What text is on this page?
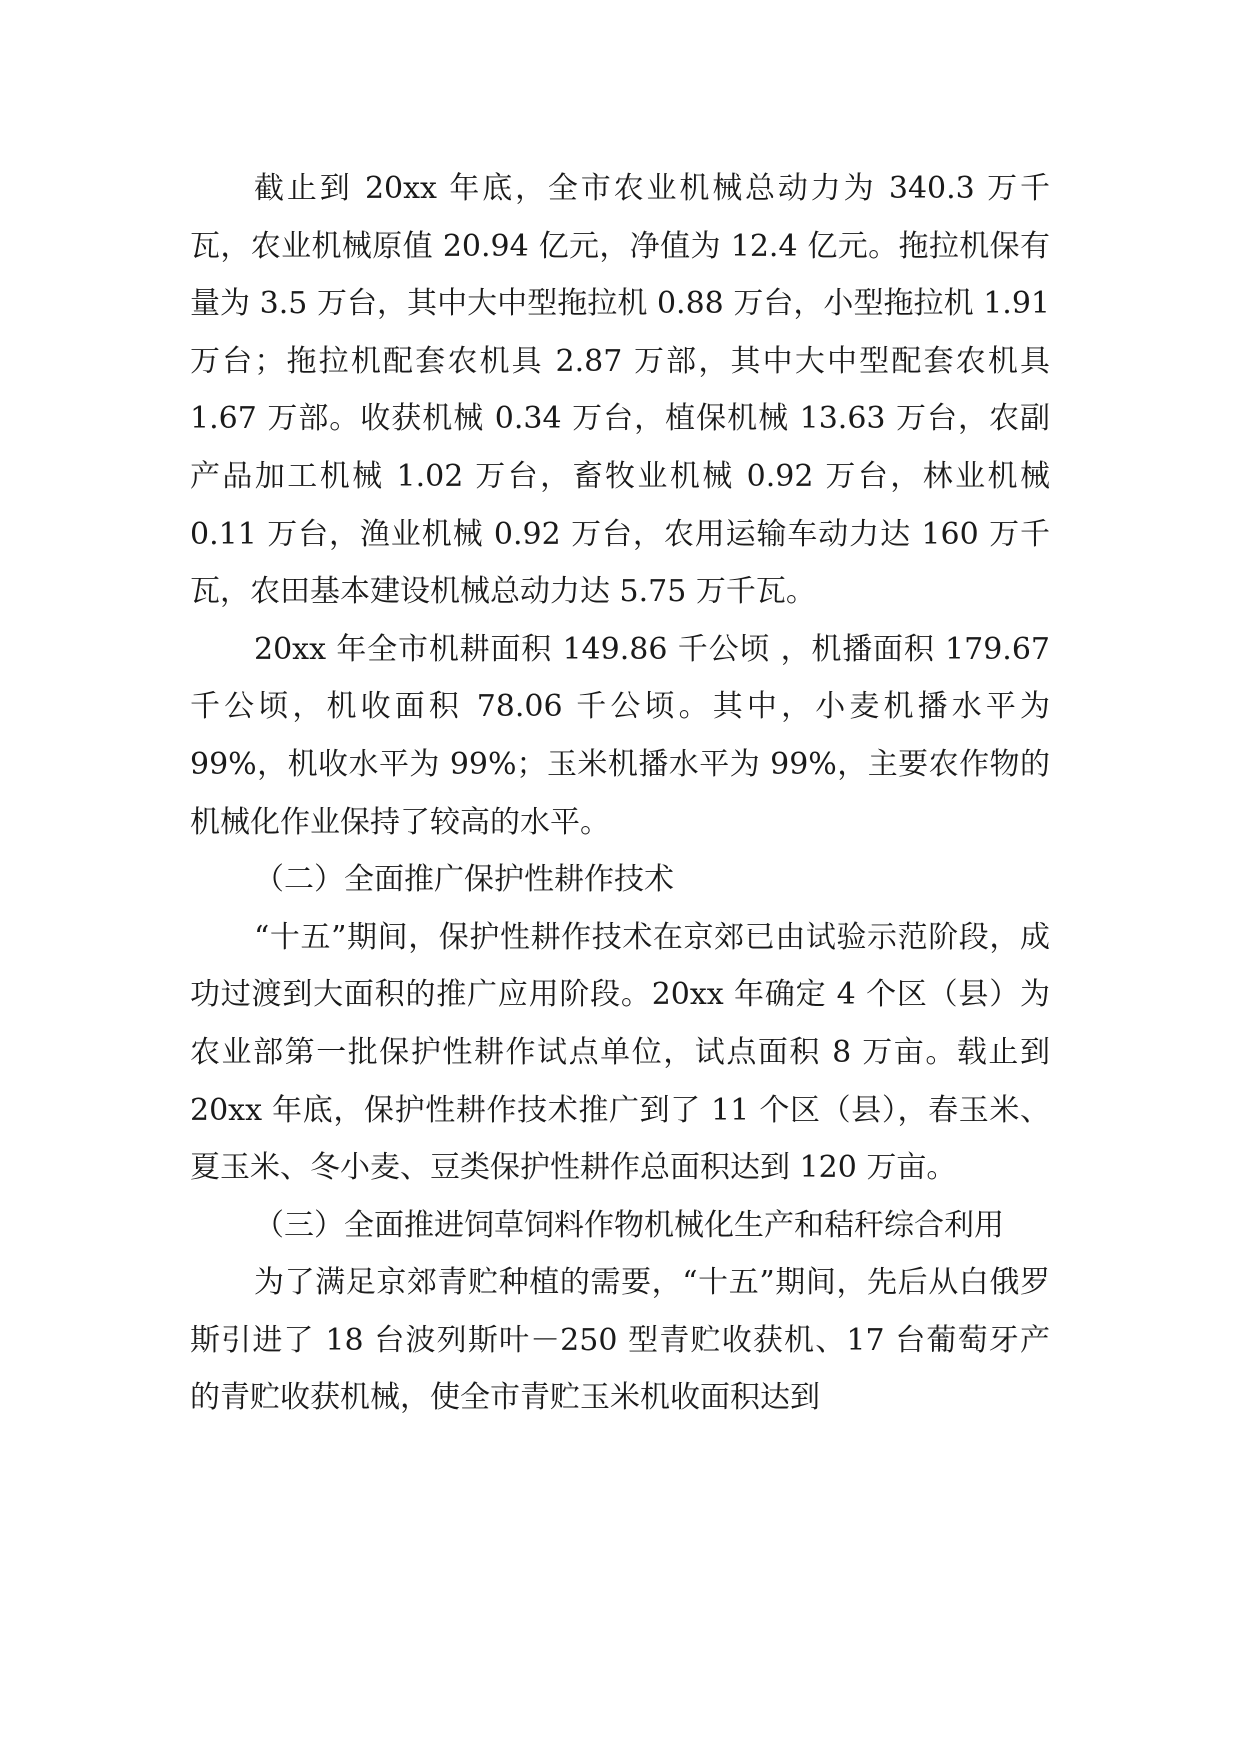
截止到 20xx 年底，全市农业机械总动力为 340.3 万千瓦，农业机械原值 20.94 亿元，净值为 12.4 亿元。拖拉机保有量为 3.5 万台，其中大中型拖拉机 0.88 万台，小型拖拉机 1.91 万台；拖拉机配套农机具 2.87 万部，其中大中型配套农机具 1.67 万部。收获机械 0.34 万台，植保机械 13.63 万台，农副产品加工机械 1.02 万台，畜牧业机械 0.92 万台，林业机械 0.11 万台，渔业机械 0.92 万台，农用运输车动力达 160 万千瓦，农田基本建设机械总动力达 5.75 万千瓦。

20xx 年全市机耕面积 149.86 千公顷 ，机播面积 179.67 千公顷，机收面积 78.06 千公顷。其中，小麦机播水平为 99%，机收水平为 99%；玉米机播水平为 99%，主要农作物的机械化作业保持了较高的水平。

（二）全面推广保护性耕作技术

“十五”期间，保护性耕作技术在京郊已由试验示范阶段，成功过渡到大面积的推广应用阶段。20xx 年确定 4 个区（县）为农业部第一批保护性耕作试点单位，试点面积 8 万亩。载止到 20xx 年底，保护性耕作技术推广到了 11 个区（县），春玉米、夏玉米、冬小麦、豆类保护性耕作总面积达到 120 万亩。

（三）全面推进饲草饲料作物机械化生产和秸秆综合利用

为了满足京郊青贮种植的需要，“十五”期间，先后从白俄罗斯引进了 18 台波列斯叶－250 型青贮收获机、17 台葡萄牙产的青贮收获机械，使全市青贮玉米机收面积达到
